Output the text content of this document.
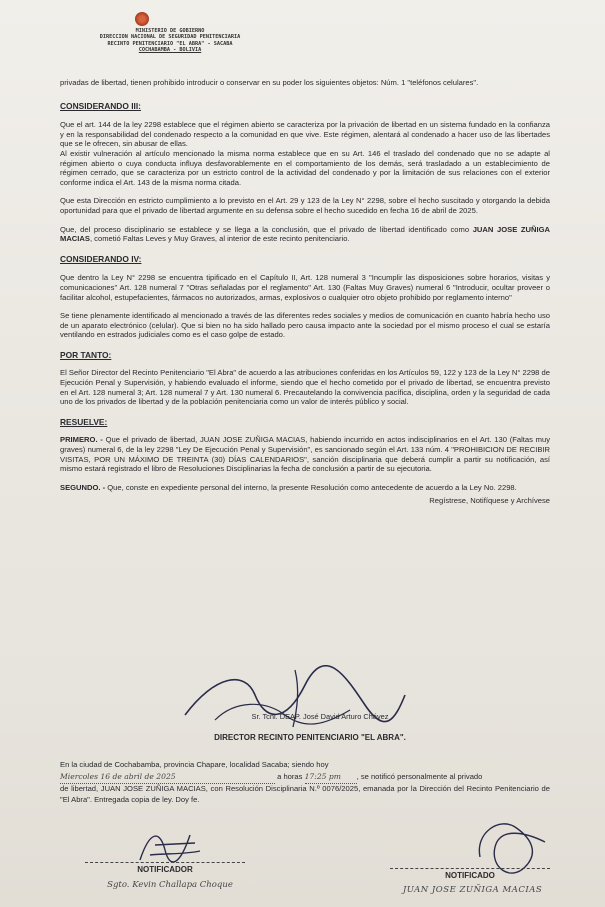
MINISTERIO DE GOBIERNO
DIRECCION NACIONAL DE SEGURIDAD PENITENCIARIA
RECINTO PENITENCIARIO "EL ABRA" - SACABA
COCHABAMBA - BOLIVIA

privadas de libertad, tienen prohibido introducir o conservar en su poder los siguientes objetos: Núm. 1 "teléfonos celulares".

CONSIDERANDO III:

Que el art. 144 de la ley 2298 establece que el régimen abierto se caracteriza por la privación de libertad en un sistema fundado en la confianza y en la responsabilidad del condenado respecto a la comunidad en que vive. Este régimen, alentará al condenado a hacer uso de las libertades que se le ofrecen, sin abusar de ellas.

Al existir vulneración al artículo mencionado la misma norma establece que en su Art. 146 el traslado del condenado que no se adapte al régimen abierto o cuya conducta influya desfavorablemente en el comportamiento de los demás, será trasladado a un establecimiento de régimen cerrado, que se caracteriza por un estricto control de la actividad del condenado y por la limitación de sus relaciones con el exterior conforme indica el Art. 143 de la misma norma citada.

Que esta Dirección en estricto cumplimiento a lo previsto en el Art. 29 y 123 de la Ley N° 2298, sobre el hecho suscitado y otorgando la debida oportunidad para que el privado de libertad argumente en su defensa sobre el hecho sucedido en fecha 16 de abril de 2025.

Que, del proceso disciplinario se establece y se llega a la conclusión, que el privado de libertad identificado como JUAN JOSE ZUÑIGA MACIAS, cometió Faltas Leves y Muy Graves, al interior de este recinto penitenciario.

CONSIDERANDO IV:

Que dentro la Ley N° 2298 se encuentra tipificado en el Capítulo II, Art. 128 numeral 3 "Incumplir las disposiciones sobre horarios, visitas y comunicaciones" Art. 128 numeral 7 "Otras señaladas por el reglamento" Art. 130 (Faltas Muy Graves) numeral 6 "Introducir, ocultar proveer o facilitar alcohol, estupefacientes, fármacos no autorizados, armas, explosivos o cualquier otro objeto prohibido por reglamento interno"

Se tiene plenamente identificado al mencionado a través de las diferentes redes sociales y medios de comunicación en cuanto habría hecho uso de un aparato electrónico (celular). Que si bien no ha sido hallado pero causa impacto ante la sociedad por el mismo proceso el cual se estaría ventilando en estrados judiciales como es el caso golpe de estado.

POR TANTO:

El Señor Director del Recinto Penitenciario "El Abra" de acuerdo a las atribuciones conferidas en los Artículos 59, 122 y 123 de la Ley N° 2298 de Ejecución Penal y Supervisión, y habiendo evaluado el informe, siendo que el hecho cometido por el privado de libertad, se encuentra previsto en el Art. 128 numeral 3; Art. 128 numeral 7 y Art. 130 numeral 6. Precautelando la convivencia pacífica, disciplina, orden y la seguridad de cada uno de los privados de libertad y de la población penitenciaria como un valor de interés público y social.

RESUELVE:

PRIMERO. - Que el privado de libertad, JUAN JOSE ZUÑIGA MACIAS, habiendo incurrido en actos indisciplinarios en el Art. 130 (Faltas muy graves) numeral 6, de la ley 2298 "Ley De Ejecución Penal y Supervisión", es sancionado según el Art. 133 núm. 4 "PROHIBICION DE RECIBIR VISITAS, POR UN MÁXIMO DE TREINTA (30) DÍAS CALENDARIOS", sanción disciplinaria que deberá cumplir a partir su notificación, así mismo estará registrado el libro de Resoluciones Disciplinarias la fecha de conclusión a partir de su ejecutoria.

SEGUNDO. - Que, conste en expediente personal del interno, la presente Resolución como antecedente de acuerdo a la Ley No. 2298.

Regístrese, Notifíquese y Archívese

Sr. Tcnl. DEAP. José David Arturo Chávez
DIRECTOR RECINTO PENITENCIARIO "EL ABRA".
En la ciudad de Cochabamba, provincia Chapare, localidad Sacaba; siendo hoy
Miercoles 16 de abril de 2025	a horas 17:25 pm , se notificó personalmente al privado
de libertad, JUAN JOSE ZUÑIGA MACIAS, con Resolución Disciplinaria N.º 0076/2025, emanada por la Dirección del Recinto Penitenciario de "El Abra". Entregada copia de ley. Doy fe.
NOTIFICADOR
Sgto. Kevin Challapa Choque
NOTIFICADO
JUAN JOSE ZUÑIGA MACIAS
